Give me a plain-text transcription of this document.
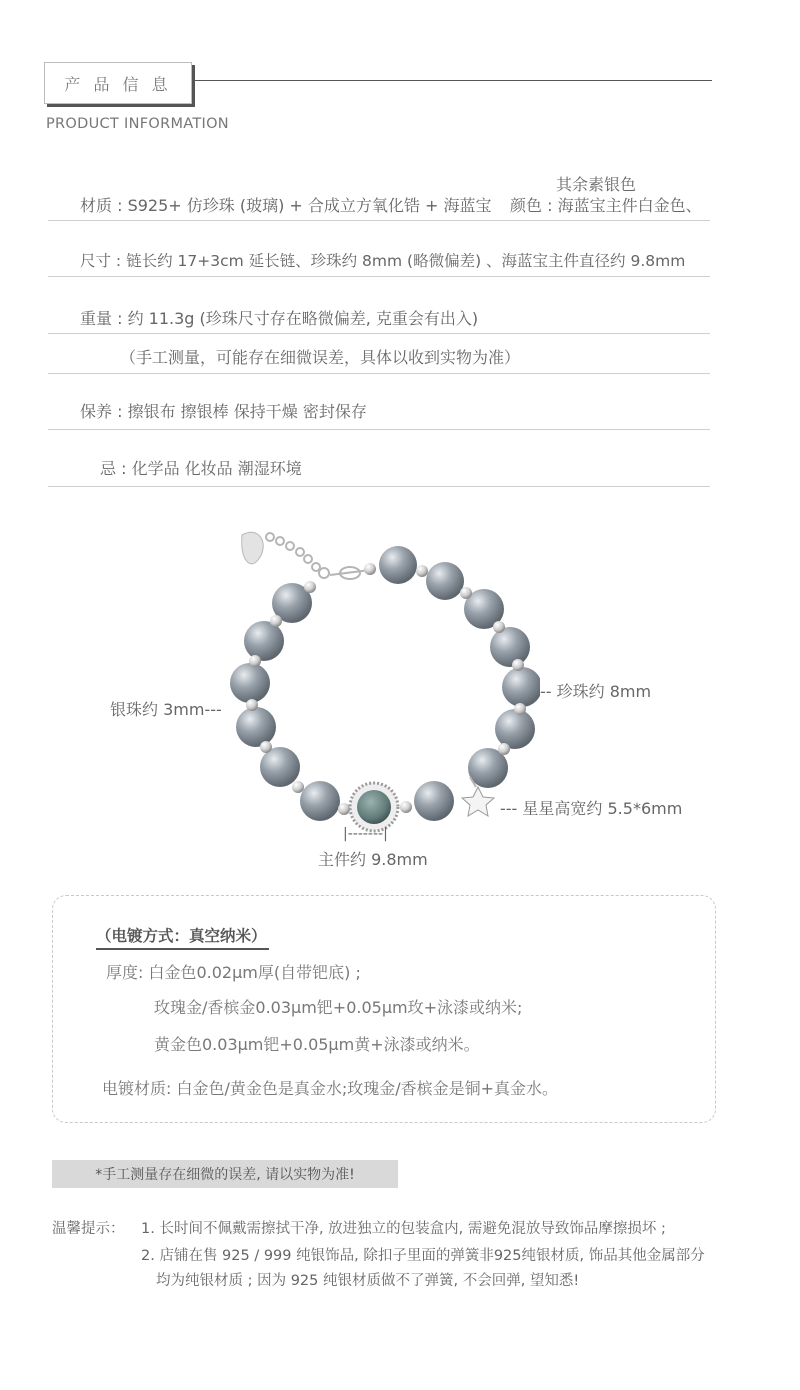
产 品 信 息
PRODUCT INFORMATION
其余素银色
材质 : S925+ 仿珍珠 (玻璃) + 合成立方氧化锆 + 海蓝宝 颜色 : 海蓝宝主件白金色、
尺寸 : 链长约 17+3cm 延长链、珍珠约 8mm (略微偏差) 、海蓝宝主件直径约 9.8mm
重量 : 约 11.3g (珍珠尺寸存在略微偏差, 克重会有出入)
（手工测量，可能存在细微误差，具体以收到实物为准）
保养 : 擦银布 擦银棒 保持干燥 密封保存
忌 : 化学品 化妆品 潮湿环境
银珠约 3mm---
-- 珍珠约 8mm
--- 星星高宽约 5.5*6mm
|-------|
主件约 9.8mm
（电镀方式：真空纳米）
厚度: 白金色0.02μm厚(自带钯底) ;
玫瑰金/香槟金0.03μm钯+0.05μm玫+泳漆或纳米;
黄金色0.03μm钯+0.05μm黄+泳漆或纳米。
电镀材质: 白金色/黄金色是真金水;玫瑰金/香槟金是铜+真金水。
*手工测量存在细微的误差, 请以实物为准!
温馨提示： 1. 长时间不佩戴需擦拭干净, 放进独立的包装盒内, 需避免混放导致饰品摩擦损坏 ;
2. 店铺在售 925 / 999 纯银饰品, 除扣子里面的弹簧非925纯银材质, 饰品其他金属部分
均为纯银材质 ; 因为 925 纯银材质做不了弹簧, 不会回弹, 望知悉!
